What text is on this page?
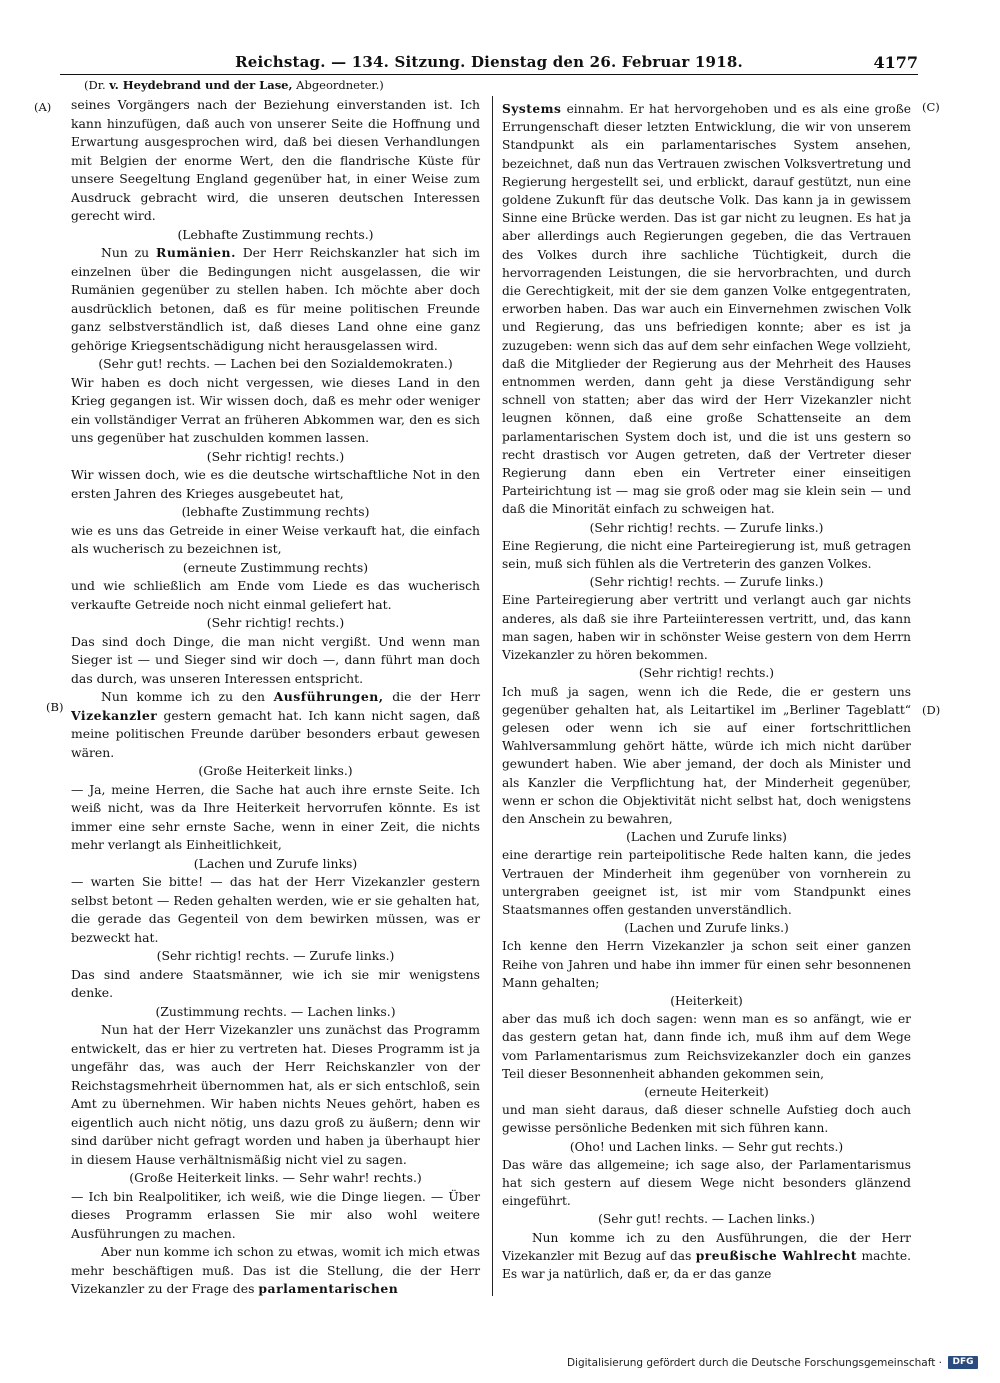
Reichstag. — 134. Sitzung. Dienstag den 26. Februar 1918.	4177
(Dr. v. Heydebrand und der Lase, Abgeordneter.)
(A)
(B)
(C)
(D)

seines Vorgängers nach der Beziehung einverstanden ist. Ich kann hinzufügen, daß auch von unserer Seite die Hoffnung und Erwartung ausgesprochen wird, daß bei diesen Verhandlungen mit Belgien der enorme Wert, den die flandrische Küste für unsere Seegeltung England gegenüber hat, in einer Weise zum Ausdruck gebracht wird, die unseren deutschen Interessen gerecht wird.

(Lebhafte Zustimmung rechts.)

Nun zu Rumänien. Der Herr Reichskanzler hat sich im einzelnen über die Bedingungen nicht ausgelassen, die wir Rumänien gegenüber zu stellen haben. Ich möchte aber doch ausdrücklich betonen, daß es für meine politischen Freunde ganz selbstverständlich ist, daß dieses Land ohne eine ganz gehörige Kriegsentschädigung nicht herausgelassen wird.

(Sehr gut! rechts. — Lachen bei den Sozialdemokraten.)

Wir haben es doch nicht vergessen, wie dieses Land in den Krieg gegangen ist. Wir wissen doch, daß es mehr oder weniger ein vollständiger Verrat an früheren Abkommen war, den es sich uns gegenüber hat zuschulden kommen lassen.

(Sehr richtig! rechts.)

Wir wissen doch, wie es die deutsche wirtschaftliche Not in den ersten Jahren des Krieges ausgebeutet hat,

(lebhafte Zustimmung rechts)

wie es uns das Getreide in einer Weise verkauft hat, die einfach als wucherisch zu bezeichnen ist,

(erneute Zustimmung rechts)

und wie schließlich am Ende vom Liede es das wucherisch verkaufte Getreide noch nicht einmal geliefert hat.

(Sehr richtig! rechts.)

Das sind doch Dinge, die man nicht vergißt. Und wenn man Sieger ist — und Sieger sind wir doch —, dann führt man doch das durch, was unseren Interessen entspricht.

Nun komme ich zu den Ausführungen, die der Herr Vizekanzler gestern gemacht hat. Ich kann nicht sagen, daß meine politischen Freunde darüber besonders erbaut gewesen wären.

(Große Heiterkeit links.)

— Ja, meine Herren, die Sache hat auch ihre ernste Seite. Ich weiß nicht, was da Ihre Heiterkeit hervorrufen könnte. Es ist immer eine sehr ernste Sache, wenn in einer Zeit, die nichts mehr verlangt als Einheitlichkeit,

(Lachen und Zurufe links)

— warten Sie bitte! — das hat der Herr Vizekanzler gestern selbst betont — Reden gehalten werden, wie er sie gehalten hat, die gerade das Gegenteil von dem bewirken müssen, was er bezweckt hat.

(Sehr richtig! rechts. — Zurufe links.)

Das sind andere Staatsmänner, wie ich sie mir wenigstens denke.

(Zustimmung rechts. — Lachen links.)

Nun hat der Herr Vizekanzler uns zunächst das Programm entwickelt, das er hier zu vertreten hat. Dieses Programm ist ja ungefähr das, was auch der Herr Reichskanzler von der Reichstagsmehrheit übernommen hat, als er sich entschloß, sein Amt zu übernehmen. Wir haben nichts Neues gehört, haben es eigentlich auch nicht nötig, uns dazu groß zu äußern; denn wir sind darüber nicht gefragt worden und haben ja überhaupt hier in diesem Hause verhältnismäßig nicht viel zu sagen.

(Große Heiterkeit links. — Sehr wahr! rechts.)

— Ich bin Realpolitiker, ich weiß, wie die Dinge liegen. — Über dieses Programm erlassen Sie mir also wohl weitere Ausführungen zu machen.

Aber nun komme ich schon zu etwas, womit ich mich etwas mehr beschäftigen muß. Das ist die Stellung, die der Herr Vizekanzler zu der Frage des parlamentarischen

Systems einnahm. Er hat hervorgehoben und es als eine große Errungenschaft dieser letzten Entwicklung, die wir von unserem Standpunkt als ein parlamentarisches System ansehen, bezeichnet, daß nun das Vertrauen zwischen Volksvertretung und Regierung hergestellt sei, und erblickt, darauf gestützt, nun eine goldene Zukunft für das deutsche Volk. Das kann ja in gewissem Sinne eine Brücke werden. Das ist gar nicht zu leugnen. Es hat ja aber allerdings auch Regierungen gegeben, die das Vertrauen des Volkes durch ihre sachliche Tüchtigkeit, durch die hervorragenden Leistungen, die sie hervorbrachten, und durch die Gerechtigkeit, mit der sie dem ganzen Volke entgegentraten, erworben haben. Das war auch ein Einvernehmen zwischen Volk und Regierung, das uns befriedigen konnte; aber es ist ja zuzugeben: wenn sich das auf dem sehr einfachen Wege vollzieht, daß die Mitglieder der Regierung aus der Mehrheit des Hauses entnommen werden, dann geht ja diese Verständigung sehr schnell von statten; aber das wird der Herr Vizekanzler nicht leugnen können, daß eine große Schattenseite an dem parlamentarischen System doch ist, und die ist uns gestern so recht drastisch vor Augen getreten, daß der Vertreter dieser Regierung dann eben ein Vertreter einer einseitigen Parteirichtung ist — mag sie groß oder mag sie klein sein — und daß die Minorität einfach zu schweigen hat.

(Sehr richtig! rechts. — Zurufe links.)

Eine Regierung, die nicht eine Parteiregierung ist, muß getragen sein, muß sich fühlen als die Vertreterin des ganzen Volkes.

(Sehr richtig! rechts. — Zurufe links.)

Eine Parteiregierung aber vertritt und verlangt auch gar nichts anderes, als daß sie ihre Parteiinteressen vertritt, und, das kann man sagen, haben wir in schönster Weise gestern von dem Herrn Vizekanzler zu hören bekommen.

(Sehr richtig! rechts.)

Ich muß ja sagen, wenn ich die Rede, die er gestern uns gegenüber gehalten hat, als Leitartikel im „Berliner Tageblatt“ gelesen oder wenn ich sie auf einer fortschrittlichen Wahlversammlung gehört hätte, würde ich mich nicht darüber gewundert haben. Wie aber jemand, der doch als Minister und als Kanzler die Verpflichtung hat, der Minderheit gegenüber, wenn er schon die Objektivität nicht selbst hat, doch wenigstens den Anschein zu bewahren,

(Lachen und Zurufe links)

eine derartige rein parteipolitische Rede halten kann, die jedes Vertrauen der Minderheit ihm gegenüber von vornherein zu untergraben geeignet ist, ist mir vom Standpunkt eines Staatsmannes offen gestanden unverständlich.

(Lachen und Zurufe links.)

Ich kenne den Herrn Vizekanzler ja schon seit einer ganzen Reihe von Jahren und habe ihn immer für einen sehr besonnenen Mann gehalten;

(Heiterkeit)

aber das muß ich doch sagen: wenn man es so anfängt, wie er das gestern getan hat, dann finde ich, muß ihm auf dem Wege vom Parlamentarismus zum Reichsvizekanzler doch ein ganzes Teil dieser Besonnenheit abhanden gekommen sein,

(erneute Heiterkeit)

und man sieht daraus, daß dieser schnelle Aufstieg doch auch gewisse persönliche Bedenken mit sich führen kann.

(Oho! und Lachen links. — Sehr gut rechts.)

Das wäre das allgemeine; ich sage also, der Parlamentarismus hat sich gestern auf diesem Wege nicht besonders glänzend eingeführt.

(Sehr gut! rechts. — Lachen links.)

Nun komme ich zu den Ausführungen, die der Herr Vizekanzler mit Bezug auf das preußische Wahlrecht machte. Es war ja natürlich, daß er, da er das ganze

Digitalisierung gefördert durch die Deutsche Forschungsgemeinschaft ·	DFG
